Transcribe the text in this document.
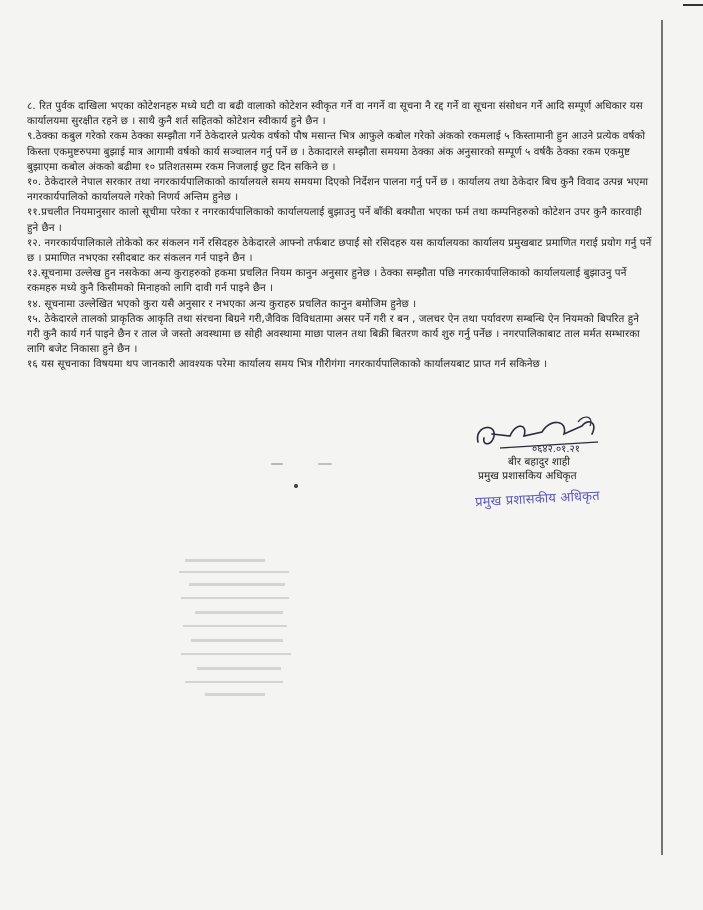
८. रित पुर्वक दाखिला भएका कोटेशनहरु मध्ये घटी वा बढी वालाको कोटेशन स्वीकृत गर्ने वा नगर्ने वा सूचना नै रद्द गर्ने वा सूचना संसोधन गर्ने आदि सम्पूर्ण अधिकार यस कार्यालयमा सुरक्षीत रहने छ । साथै कुनै शर्त सहितको कोटेशन स्वीकार्य हुने छैन ।

९.ठेक्का कबुल गरेको रकम ठेक्का सम्झौता गर्ने ठेकेदारले प्रत्येक वर्षको पौष मसान्त भित्र आफुले कबोल गरेको अंकको रकमलाई ५ किस्तामानी हुन आउने प्रत्येक वर्षको किस्ता एकमुष्टरुपमा बुझाई मात्र आगामी वर्षको कार्य सञ्चालन गर्नु पर्ने छ । ठेकादारले सम्झौता समयमा ठेक्का अंक अनुसारको सम्पूर्ण ५ वर्षकै ठेक्का रकम एकमुष्ट बुझाएमा कबोल अंकको बढीमा १० प्रतिशतसम्म रकम निजलाई छुट दिन सकिने छ ।

१०. ठेकेदारले नेपाल सरकार तथा नगरकार्यपालिकाको कार्यालयले समय समयमा दिएको निर्देशन पालना गर्नु पर्ने छ । कार्यालय तथा ठेकेदार बिच कुनै विवाद उत्पन्न भएमा नगरकार्यपालिको कार्यालयले गरेको निणर्य अन्तिम हुनेछ ।

११.प्रचलीत नियमानुसार कालो सूचीमा परेका र नगरकार्यपालिकाको कार्यालयलाई बुझाउनु पर्ने बाँकी बक्यौता भएका फर्म तथा कम्पनिहरुको कोटेशन उपर कुनै कारवाही हुने छैन ।

१२. नगरकार्यपालिकाले तोकेको कर संकलन गर्ने रसिदहरु ठेकेदारले आफ्नो तर्फबाट छपाई सो रसिदहरु यस कार्यालयका कार्यालय प्रमुखबाट प्रमाणित गराई प्रयोग गर्नु पर्ने छ । प्रमाणित नभएका रसीदबाट कर संकलन गर्न पाइने छैन ।

१३.सूचनामा उल्लेख हुन नसकेका अन्य कुराहरुको हकमा प्रचलित नियम कानुन अनुसार हुनेछ । ठेक्का सम्झौता पछि नगरकार्यपालिकाको कार्यालयलाई बुझाउनु पर्ने रकमहरु मध्ये कुनै किसीमको मिनाहको लागि दावी गर्न पाइने छैन ।

१४. सूचनामा उल्लेखित भएको कुरा यसै अनुसार र नभएका अन्य कुराहरु प्रचलित कानुन बमोजिम हुनेछ ।

१५. ठेकेदारले तालको प्राकृतिक आकृति तथा संरचना बिग्रने गरी,जैविक विविधतामा असर पर्ने गरी र बन , जलचर ऐन तथा पर्यावरण सम्बन्धि ऐन नियमको बिपरित हुने गरी कुनै कार्य गर्न पाइने छैन र ताल जे जस्तो अवस्थामा छ सोही अवस्थामा माछा पालन तथा बिक्री बितरण कार्य शुरु गर्नु पर्नेछ । नगरपालिकाबाट ताल मर्मत सम्भारका लागि बजेट निकासा हुने छैन ।

१६ यस सूचनाका विषयमा थप जानकारी आवश्यक परेमा कार्यालय समय भित्र गौरीगंगा नगरकार्यपालिकाको कार्यालयबाट प्राप्त गर्न सकिनेछ ।

०६४२.०१.२१
बीर बहादुर शाही
प्रमुख प्रशासकिय अधिकृत
प्रमुख प्रशासकीय अधिकृत
